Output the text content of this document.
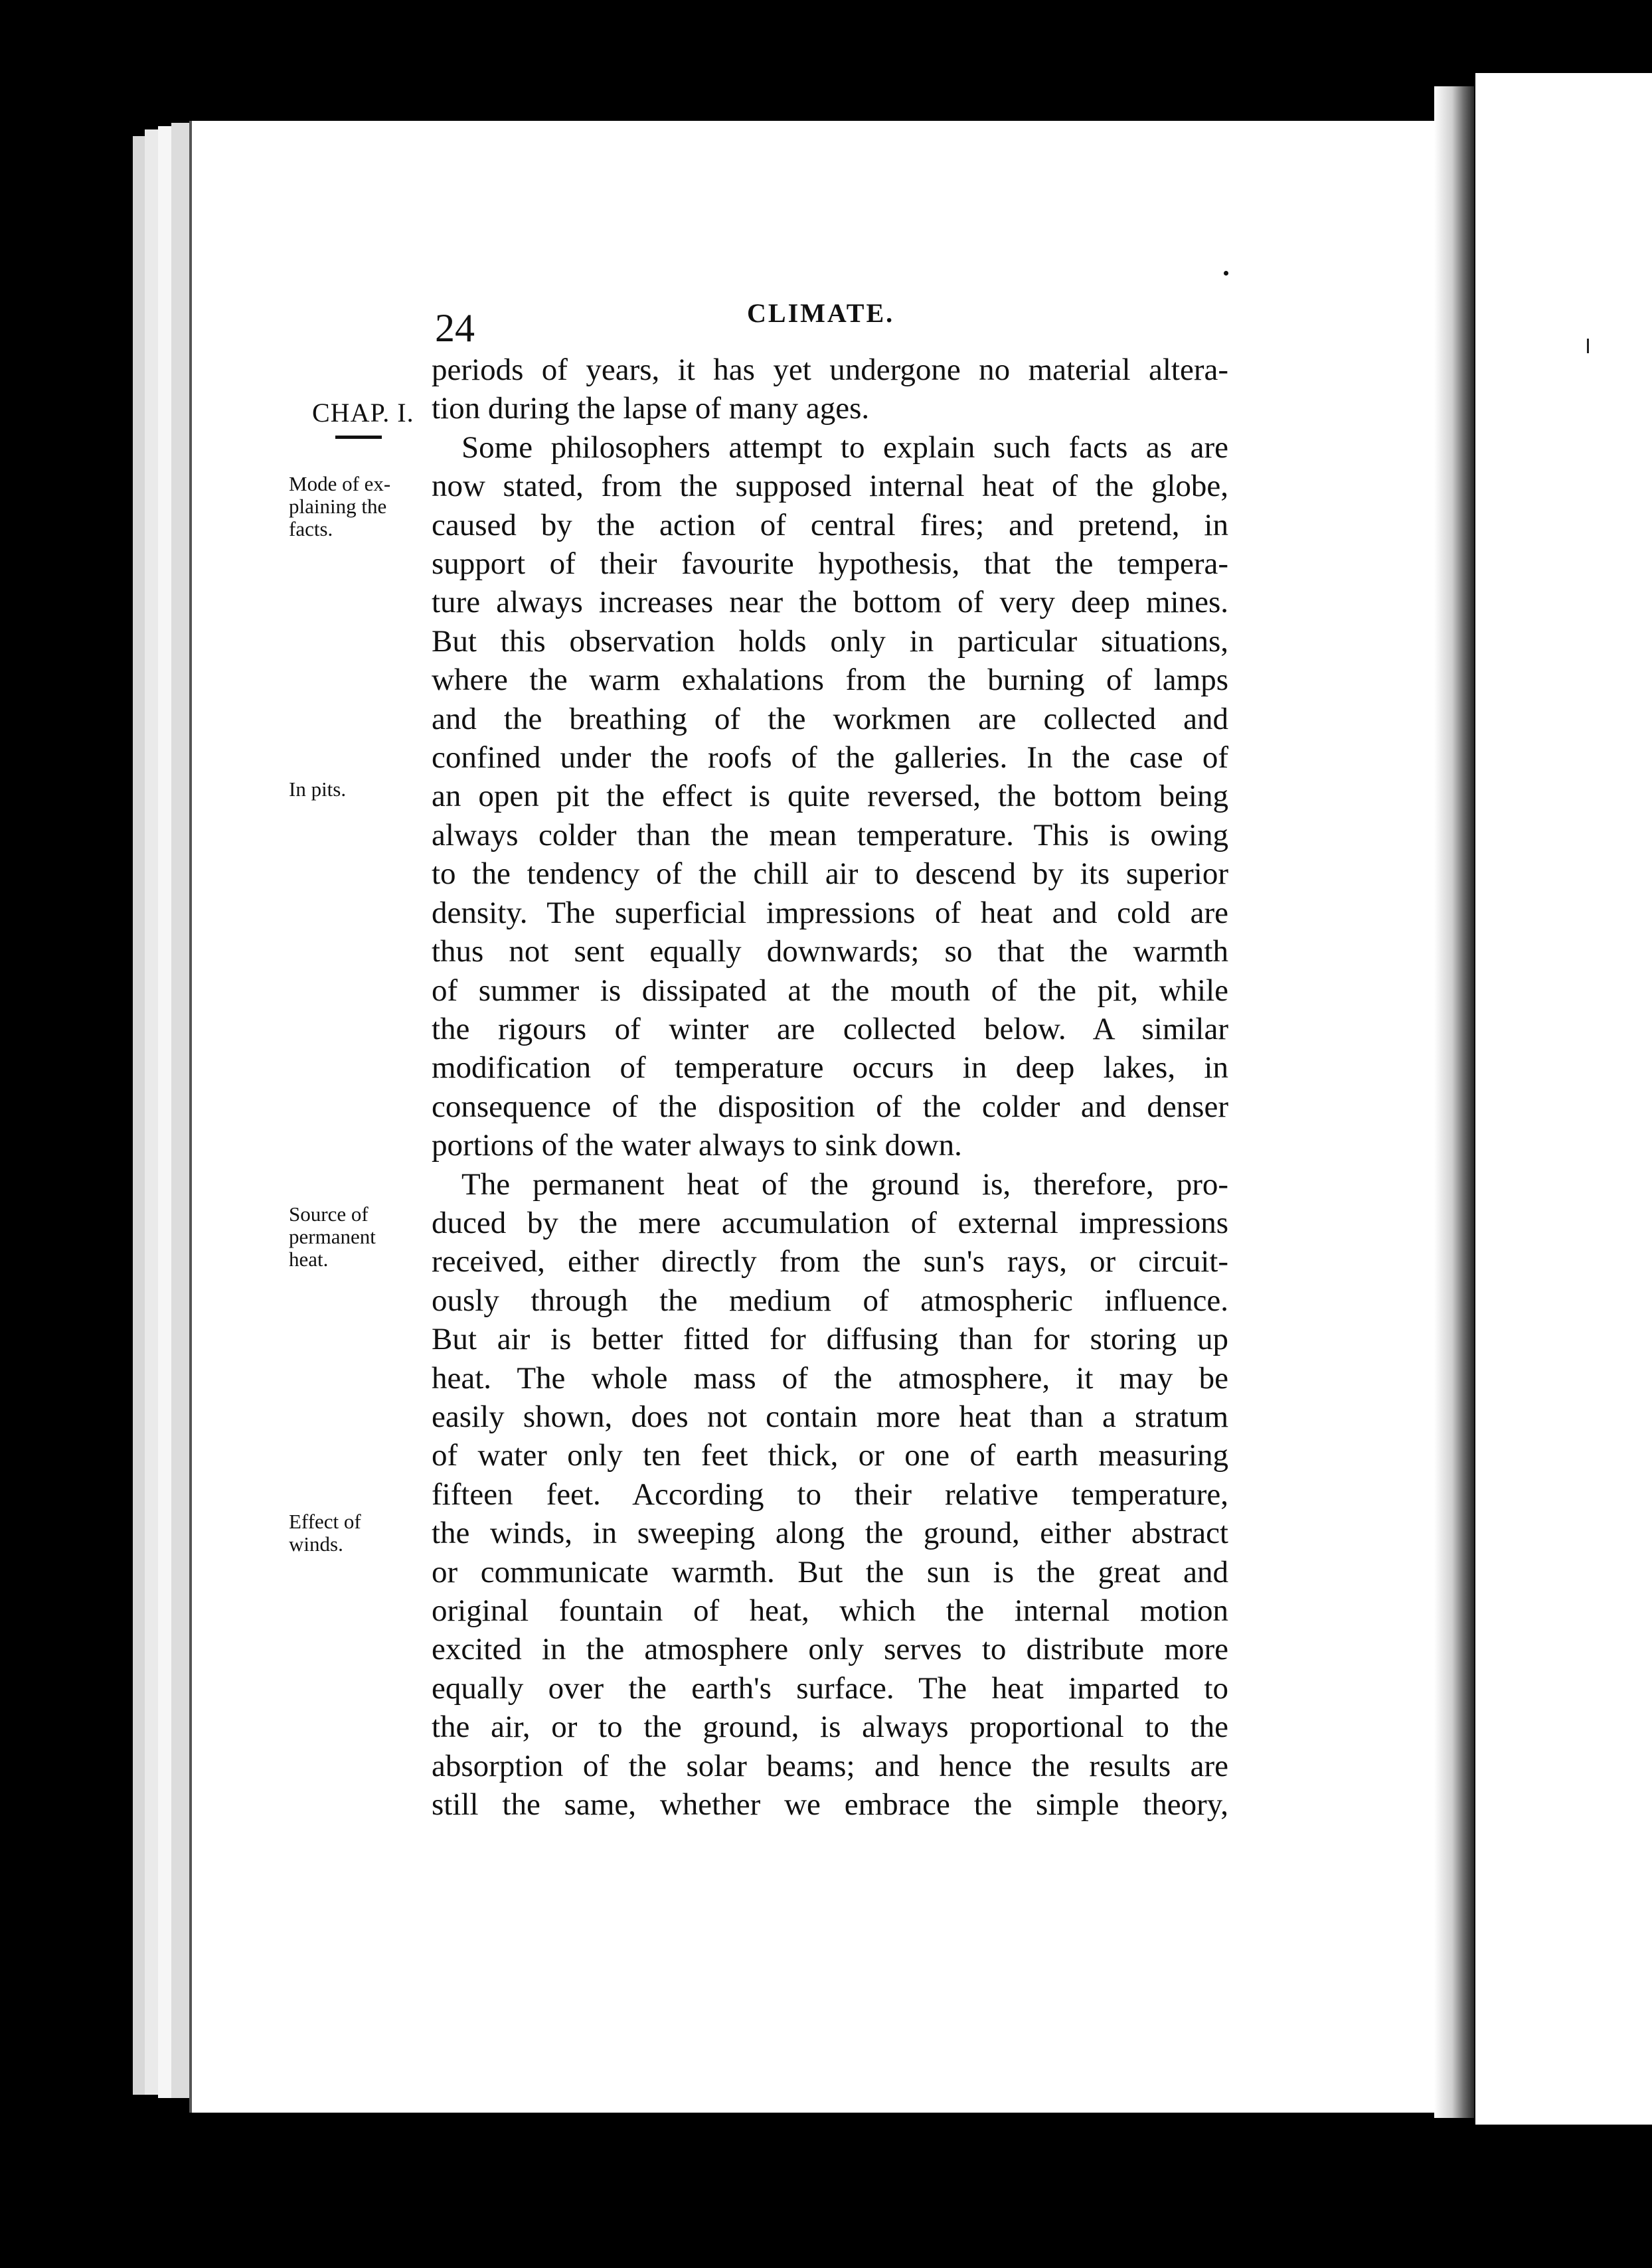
24	CLIMATE.
CHAP. I.
Mode of ex-
plaining the
facts.
In pits.
Source of
permanent
heat.
Effect of
winds.
periods of years, it has yet undergone no material altera-
tion during the lapse of many ages.
Some philosophers attempt to explain such facts as are
now stated, from the supposed internal heat of the globe,
caused by the action of central fires; and pretend, in
support of their favourite hypothesis, that the tempera-
ture always increases near the bottom of very deep mines.
But this observation holds only in particular situations,
where the warm exhalations from the burning of lamps
and the breathing of the workmen are collected and
confined under the roofs of the galleries. In the case of
an open pit the effect is quite reversed, the bottom being
always colder than the mean temperature. This is owing
to the tendency of the chill air to descend by its superior
density. The superficial impressions of heat and cold are
thus not sent equally downwards; so that the warmth
of summer is dissipated at the mouth of the pit, while
the rigours of winter are collected below. A similar
modification of temperature occurs in deep lakes, in
consequence of the disposition of the colder and denser
portions of the water always to sink down.
The permanent heat of the ground is, therefore, pro-
duced by the mere accumulation of external impressions
received, either directly from the sun's rays, or circuit-
ously through the medium of atmospheric influence.
But air is better fitted for diffusing than for storing up
heat. The whole mass of the atmosphere, it may be
easily shown, does not contain more heat than a stratum
of water only ten feet thick, or one of earth measuring
fifteen feet. According to their relative temperature,
the winds, in sweeping along the ground, either abstract
or communicate warmth. But the sun is the great and
original fountain of heat, which the internal motion
excited in the atmosphere only serves to distribute more
equally over the earth's surface. The heat imparted to
the air, or to the ground, is always proportional to the
absorption of the solar beams; and hence the results are
still the same, whether we embrace the simple theory,
